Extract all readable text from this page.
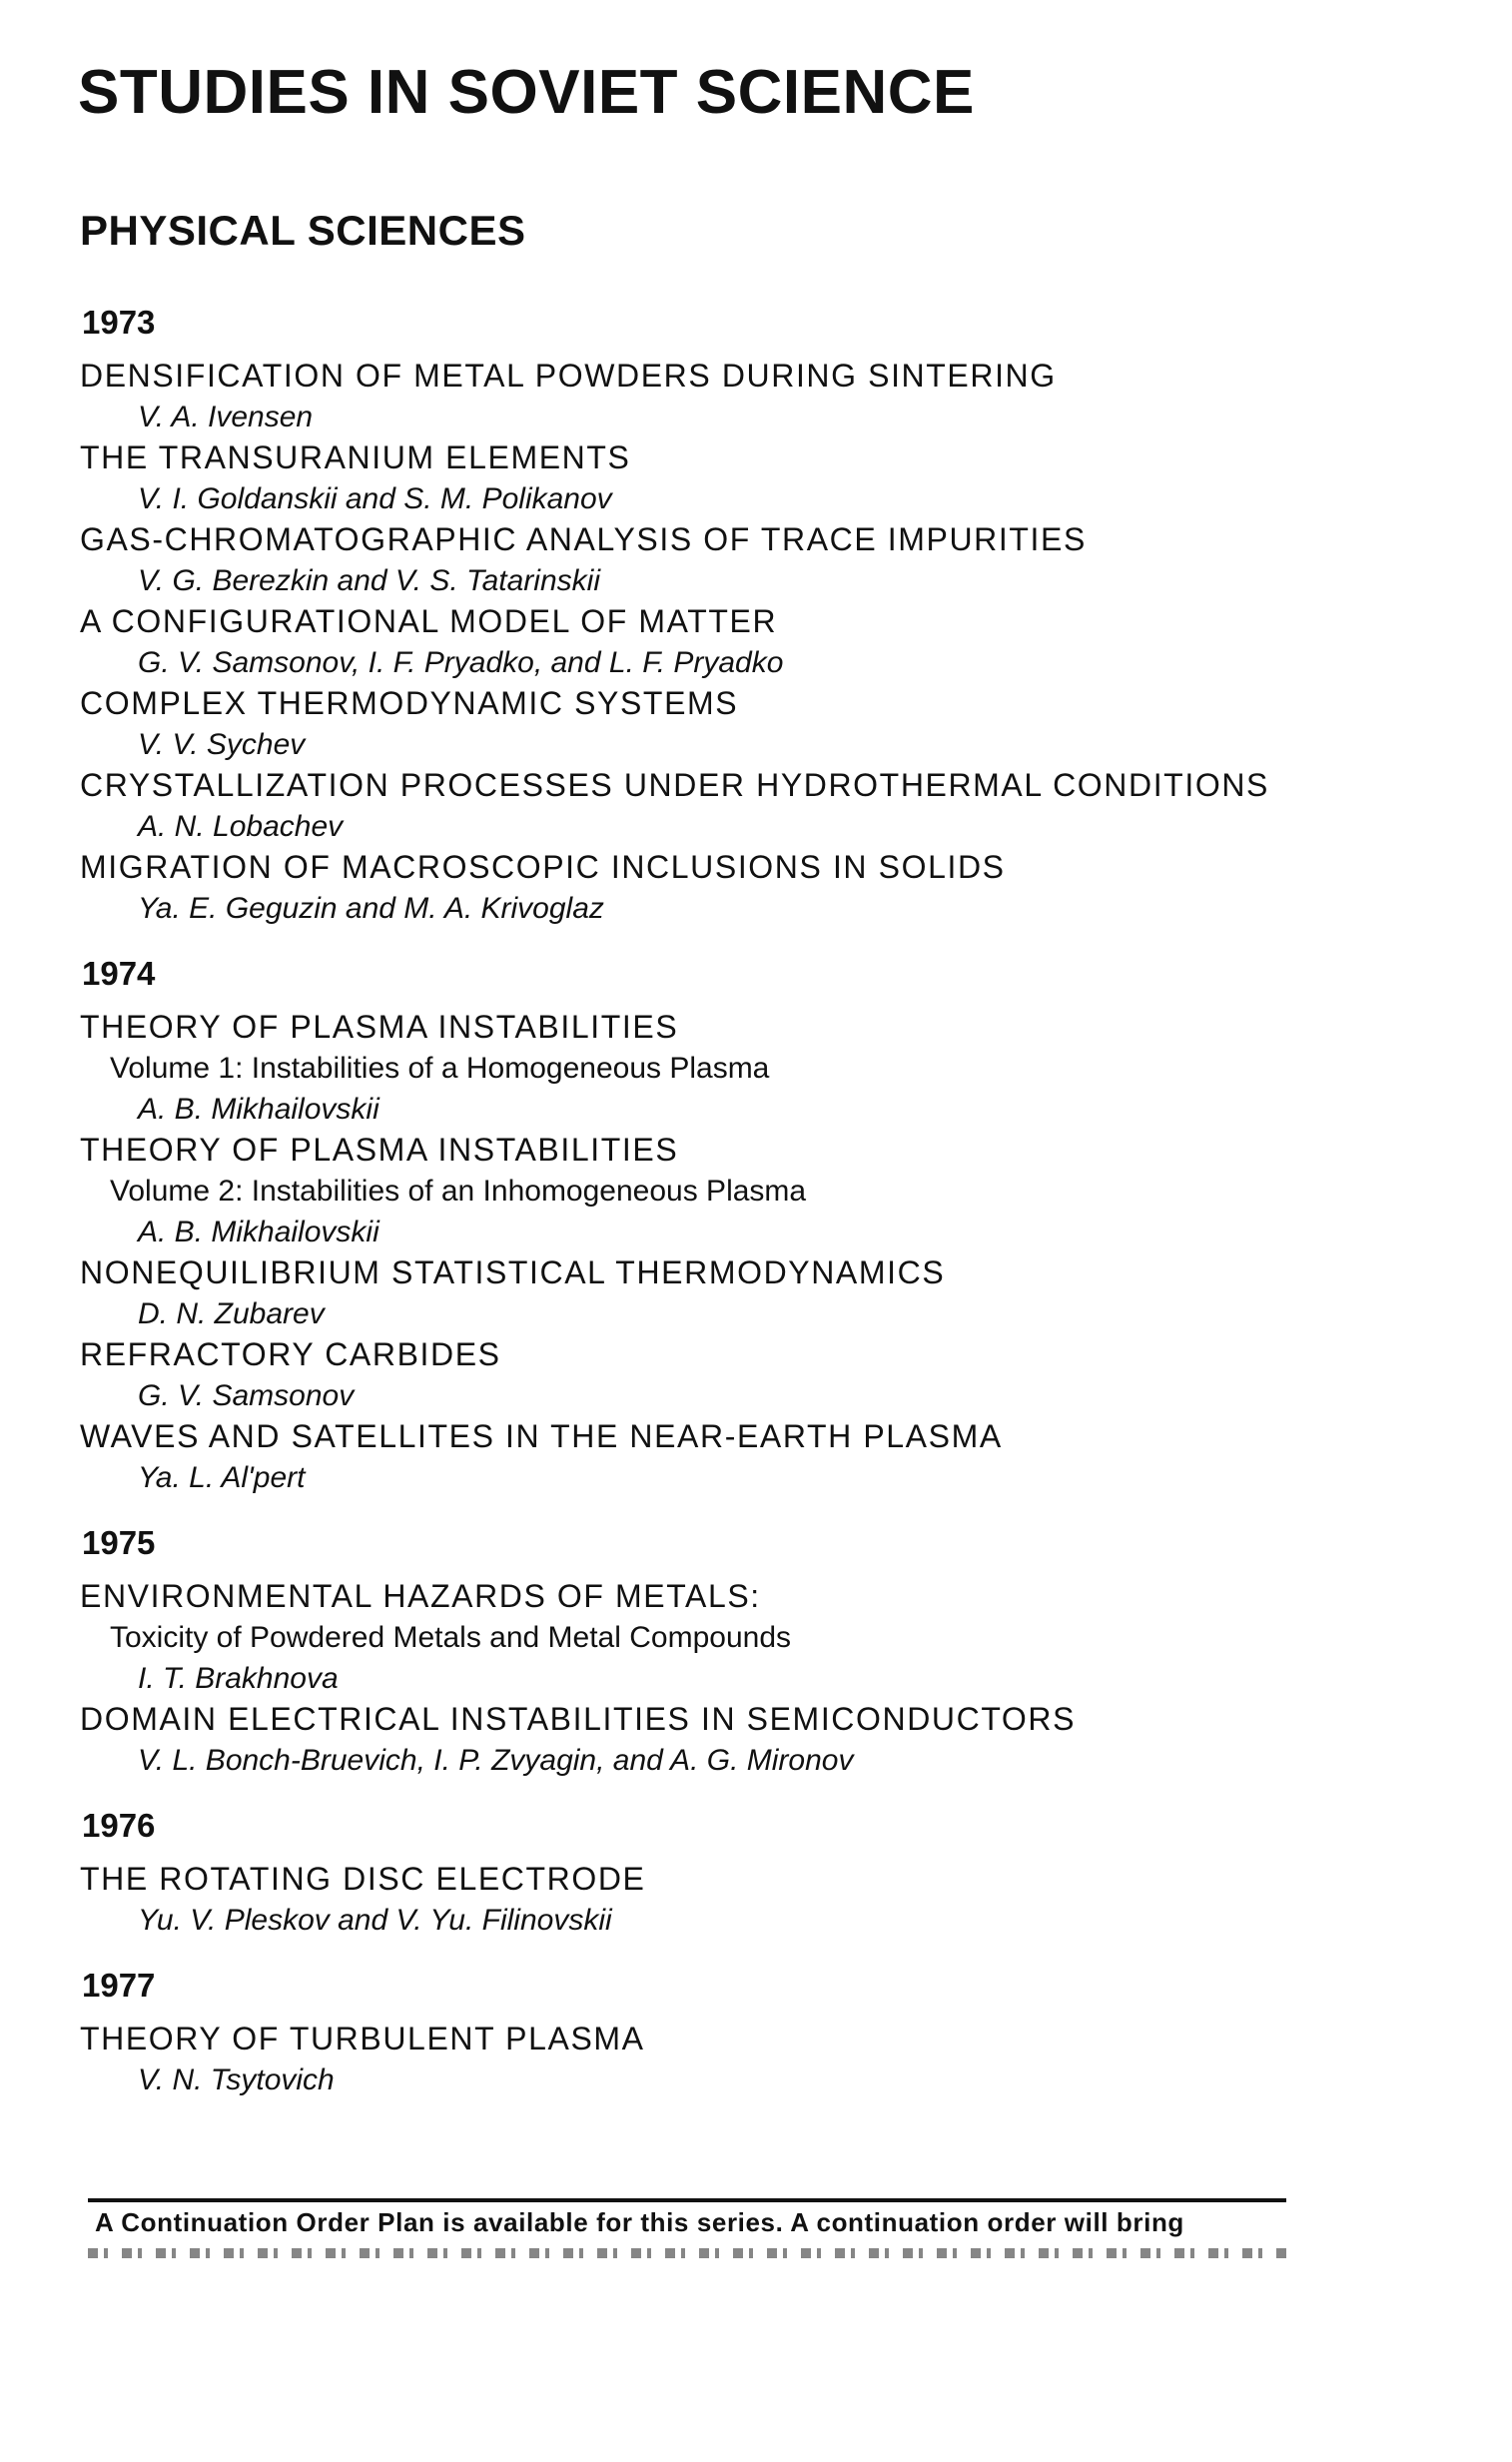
STUDIES IN SOVIET SCIENCE
PHYSICAL SCIENCES
1973
DENSIFICATION OF METAL POWDERS DURING SINTERING
V. A. Ivensen
THE TRANSURANIUM ELEMENTS
V. I. Goldanskii and S. M. Polikanov
GAS-CHROMATOGRAPHIC ANALYSIS OF TRACE IMPURITIES
V. G. Berezkin and V. S. Tatarinskii
A CONFIGURATIONAL MODEL OF MATTER
G. V. Samsonov, I. F. Pryadko, and L. F. Pryadko
COMPLEX THERMODYNAMIC SYSTEMS
V. V. Sychev
CRYSTALLIZATION PROCESSES UNDER HYDROTHERMAL CONDITIONS
A. N. Lobachev
MIGRATION OF MACROSCOPIC INCLUSIONS IN SOLIDS
Ya. E. Geguzin and M. A. Krivoglaz
1974
THEORY OF PLASMA INSTABILITIES
Volume 1: Instabilities of a Homogeneous Plasma
A. B. Mikhailovskii
THEORY OF PLASMA INSTABILITIES
Volume 2: Instabilities of an Inhomogeneous Plasma
A. B. Mikhailovskii
NONEQUILIBRIUM STATISTICAL THERMODYNAMICS
D. N. Zubarev
REFRACTORY CARBIDES
G. V. Samsonov
WAVES AND SATELLITES IN THE NEAR-EARTH PLASMA
Ya. L. Al'pert
1975
ENVIRONMENTAL HAZARDS OF METALS:
Toxicity of Powdered Metals and Metal Compounds
I. T. Brakhnova
DOMAIN ELECTRICAL INSTABILITIES IN SEMICONDUCTORS
V. L. Bonch-Bruevich, I. P. Zvyagin, and A. G. Mironov
1976
THE ROTATING DISC ELECTRODE
Yu. V. Pleskov and V. Yu. Filinovskii
1977
THEORY OF TURBULENT PLASMA
V. N. Tsytovich
A Continuation Order Plan is available for this series. A continuation order will bring
